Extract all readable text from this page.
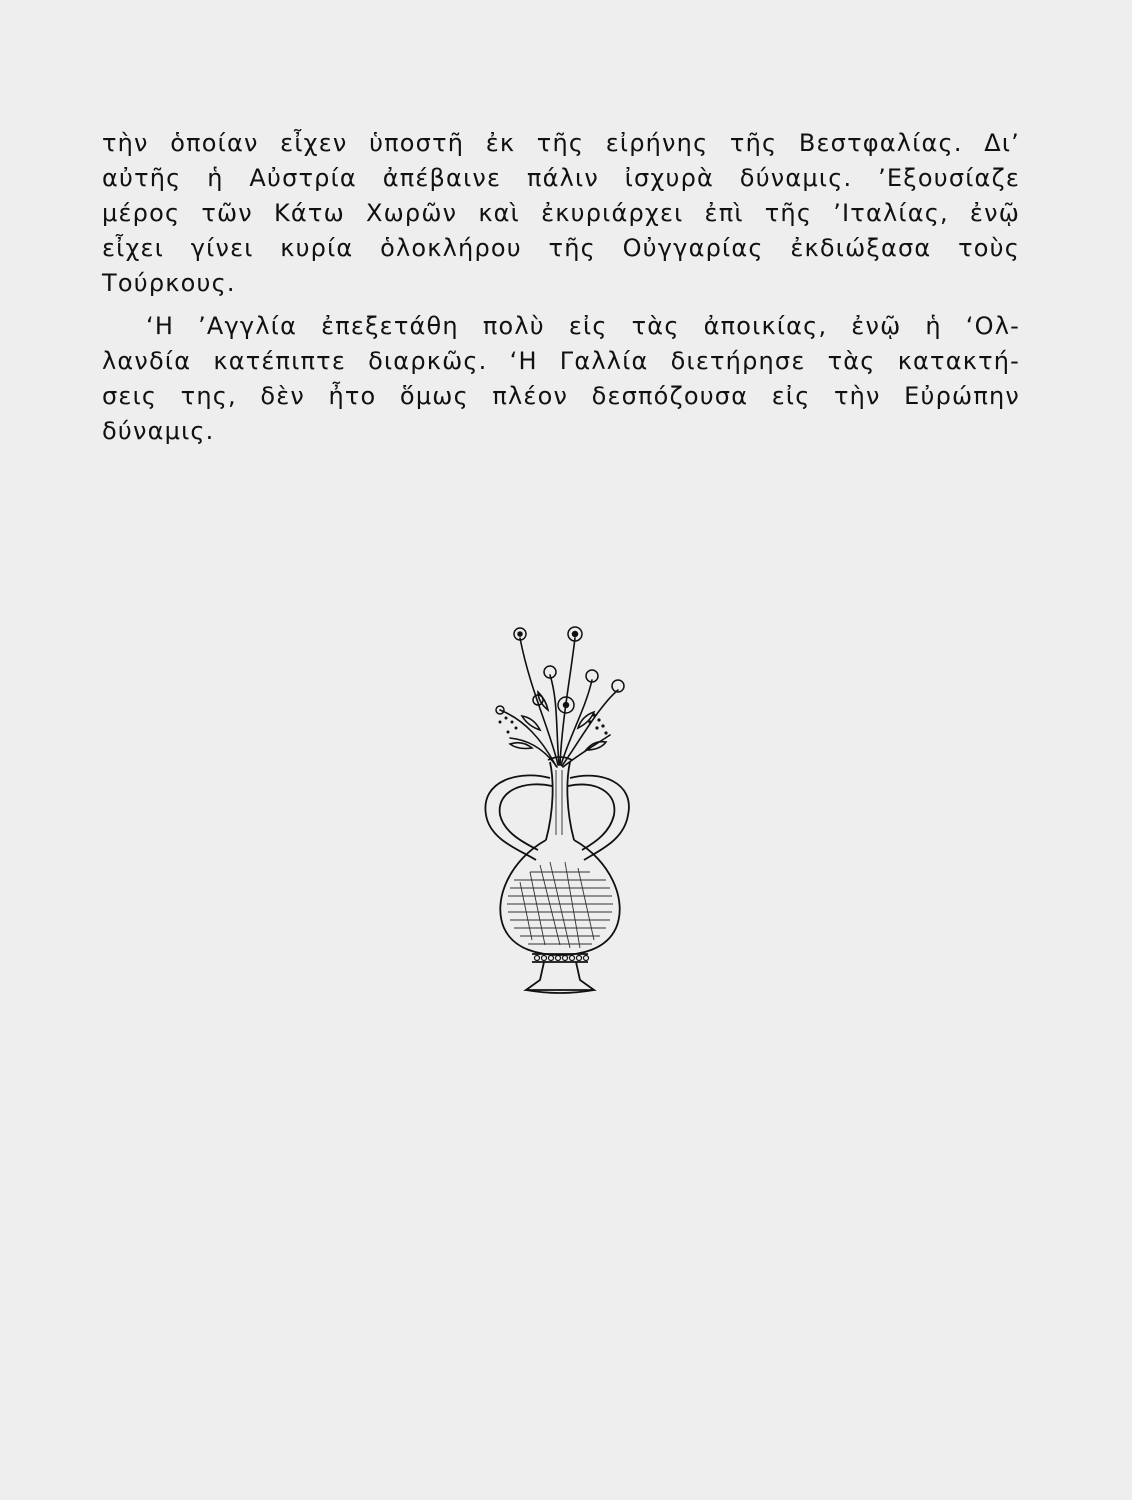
τὴν ὁποίαν εἶχεν ὑποστῆ ἐκ τῆς εἰρήνης τῆς Βεστφαλίας. Δι’
αὐτῆς ἡ Αὐστρία ἀπέβαινε πάλιν ἰσχυρὰ δύναμις. ’Εξουσίαζε
μέρος τῶν Κάτω Χωρῶν καὶ ἐκυριάρχει ἐπὶ τῆς ’Ιταλίας, ἐνῷ
εἶχει γίνει κυρία ὁλοκλήρου τῆς Οὐγγαρίας ἐκδιώξασα τοὺς
Τούρκους.
‘Η ’Αγγλία ἐπεξετάθη πολὺ εἰς τὰς ἀποικίας, ἐνῷ ἡ ‘Ολ-
λανδία κατέπιπτε διαρκῶς. ‘Η Γαλλία διετήρησε τὰς κατακτή-
σεις της, δὲν ἦτο ὅμως πλέον δεσπόζουσα εἰς τὴν Εὐρώπην
δύναμις.
